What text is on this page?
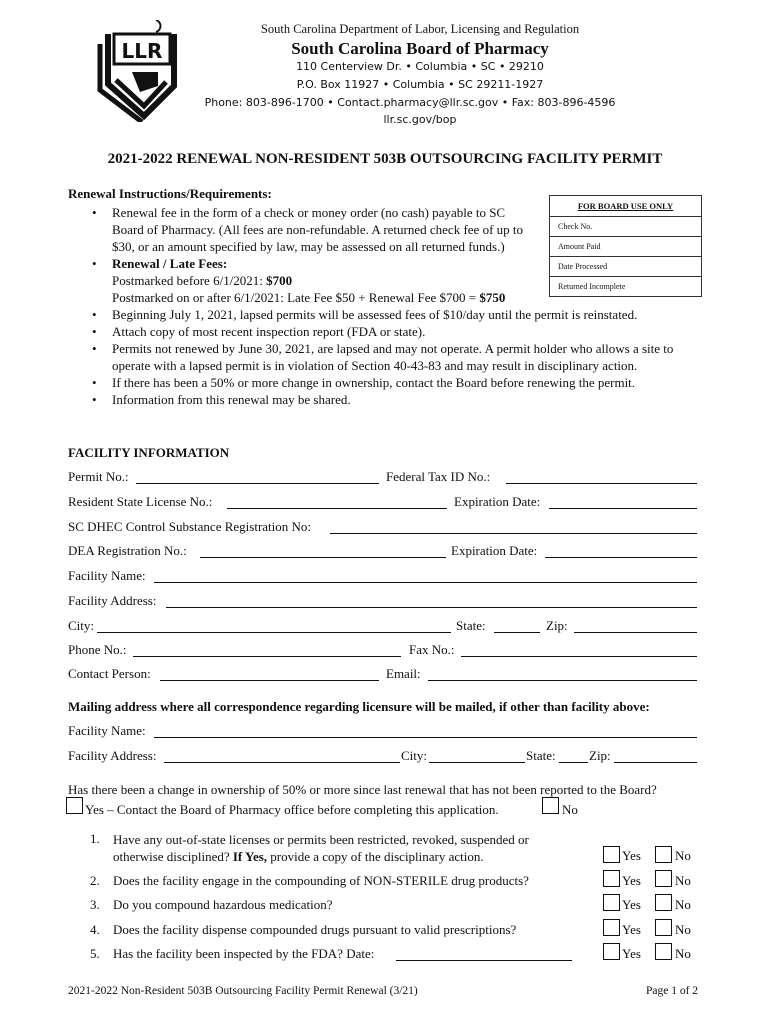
LLR
South Carolina Department of Labor, Licensing and Regulation
South Carolina Board of Pharmacy
110 Centerview Dr. • Columbia • SC • 29210
P.O. Box 11927 • Columbia • SC 29211-1927
Phone: 803-896-1700 • Contact.pharmacy@llr.sc.gov • Fax: 803-896-4596
llr.sc.gov/bop
2021-2022 RENEWAL NON-RESIDENT 503B OUTSOURCING FACILITY PERMIT
Renewal Instructions/Requirements:
• Renewal fee in the form of a check or money order (no cash) payable to SC Board of Pharmacy. (All fees are non-refundable. A returned check fee of up to $30, or an amount specified by law, may be assessed on all returned funds.)
• Renewal / Late Fees:
Postmarked before 6/1/2021: $700
Postmarked on or after 6/1/2021: Late Fee $50 + Renewal Fee $700 = $750
• Beginning July 1, 2021, lapsed permits will be assessed fees of $10/day until the permit is reinstated.
• Attach copy of most recent inspection report (FDA or state).
• Permits not renewed by June 30, 2021, are lapsed and may not operate. A permit holder who allows a site to operate with a lapsed permit is in violation of Section 40-43-83 and may result in disciplinary action.
• If there has been a 50% or more change in ownership, contact the Board before renewing the permit.
• Information from this renewal may be shared.
FOR BOARD USE ONLY
Check No.
Amount Paid
Date Processed
Returned Incomplete
FACILITY INFORMATION
Permit No.:	Federal Tax ID No.:
Resident State License No.:	Expiration Date:
SC DHEC Control Substance Registration No:
DEA Registration No.:	Expiration Date:
Facility Name:
Facility Address:
City:	State:	Zip:
Phone No.:	Fax No.:
Contact Person:	Email:
Mailing address where all correspondence regarding licensure will be mailed, if other than facility above:
Facility Name:
Facility Address:	City:	State:	Zip:
Has there been a change in ownership of 50% or more since last renewal that has not been reported to the Board?
Yes – Contact the Board of Pharmacy office before completing this application.	No
1. Have any out-of-state licenses or permits been restricted, revoked, suspended or otherwise disciplined? If Yes, provide a copy of the disciplinary action.	Yes	No
2. Does the facility engage in the compounding of NON-STERILE drug products?	Yes	No
3. Do you compound hazardous medication?	Yes	No
4. Does the facility dispense compounded drugs pursuant to valid prescriptions?	Yes	No
5. Has the facility been inspected by the FDA? Date:	Yes	No
2021-2022 Non-Resident 503B Outsourcing Facility Permit Renewal (3/21)	Page 1 of 2
